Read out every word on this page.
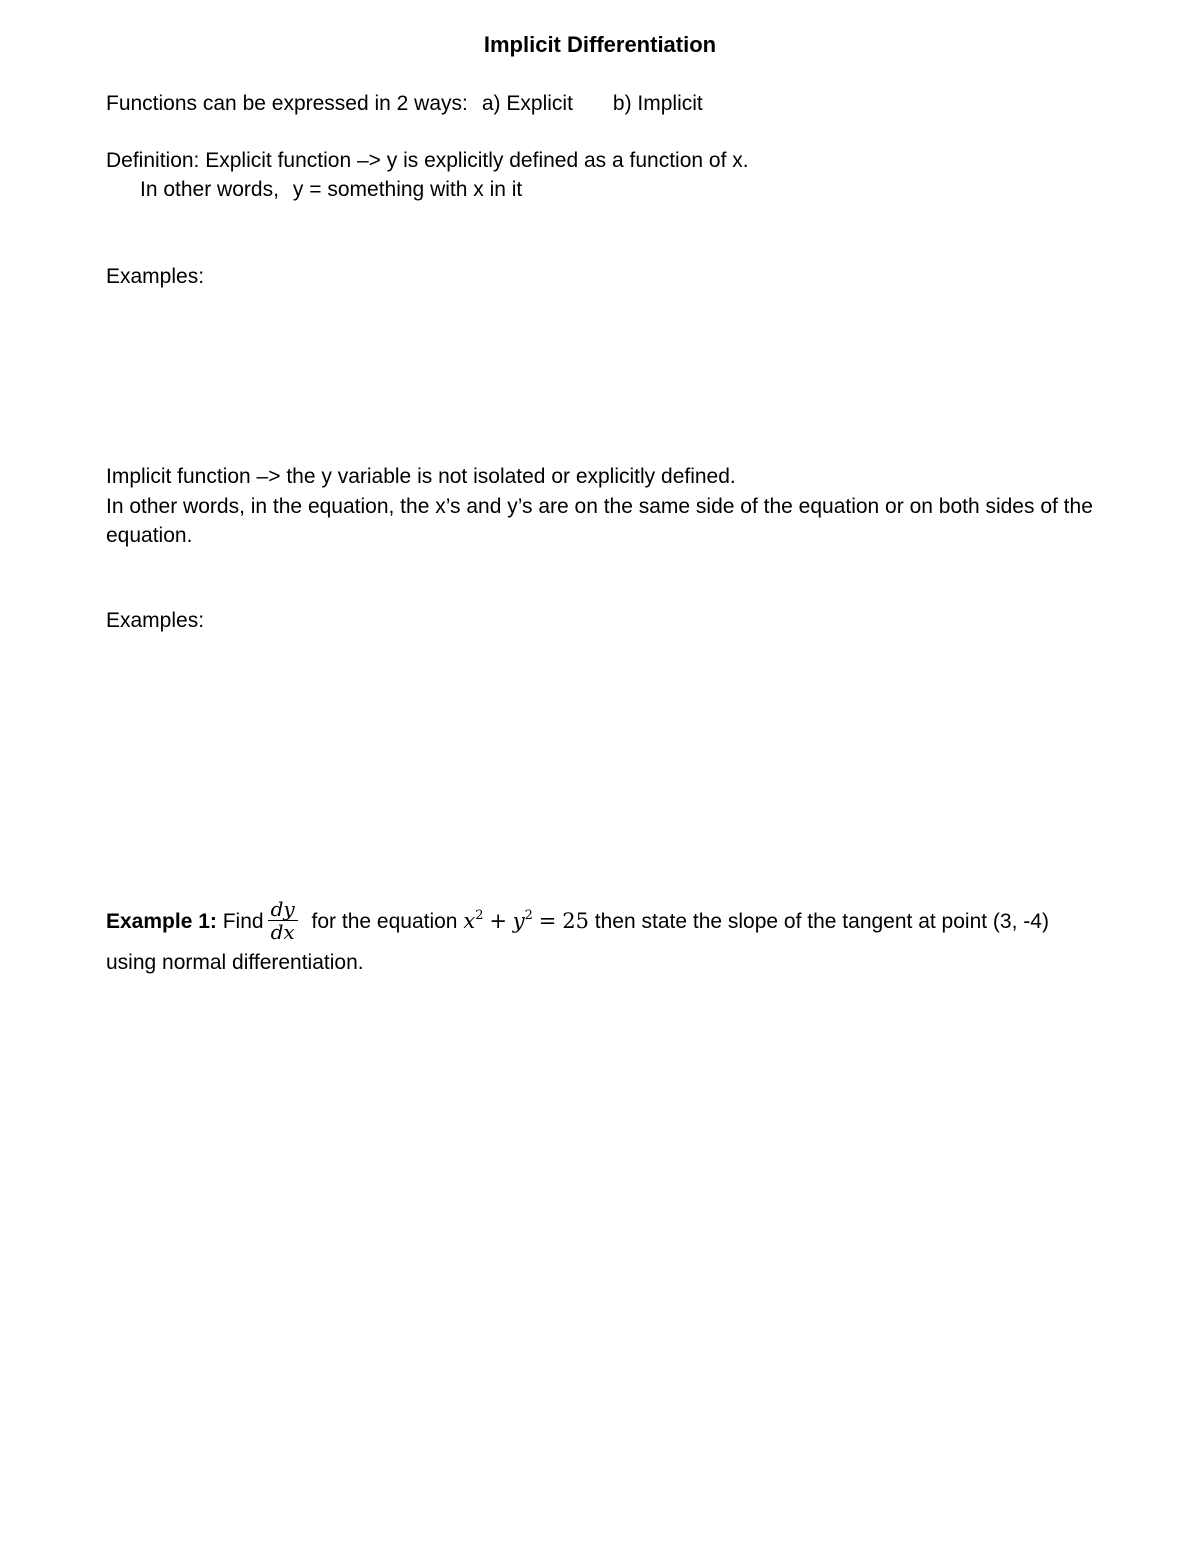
Implicit Differentiation
Functions can be expressed in 2 ways: a) Explicit b) Implicit
Definition: Explicit function –> y is explicitly defined as a function of x.
In other words, y = something with x in it
Examples:
Implicit function –> the y variable is not isolated or explicitly defined.
In other words, in the equation, the x’s and y’s are on the same side of the equation or on both sides of the equation.
Examples:
Example 1: Find $\frac{dy}{dx}$ for the equation $x^2 + y^2 = 25$ then state the slope of the tangent at point (3, -4)
using normal differentiation.
